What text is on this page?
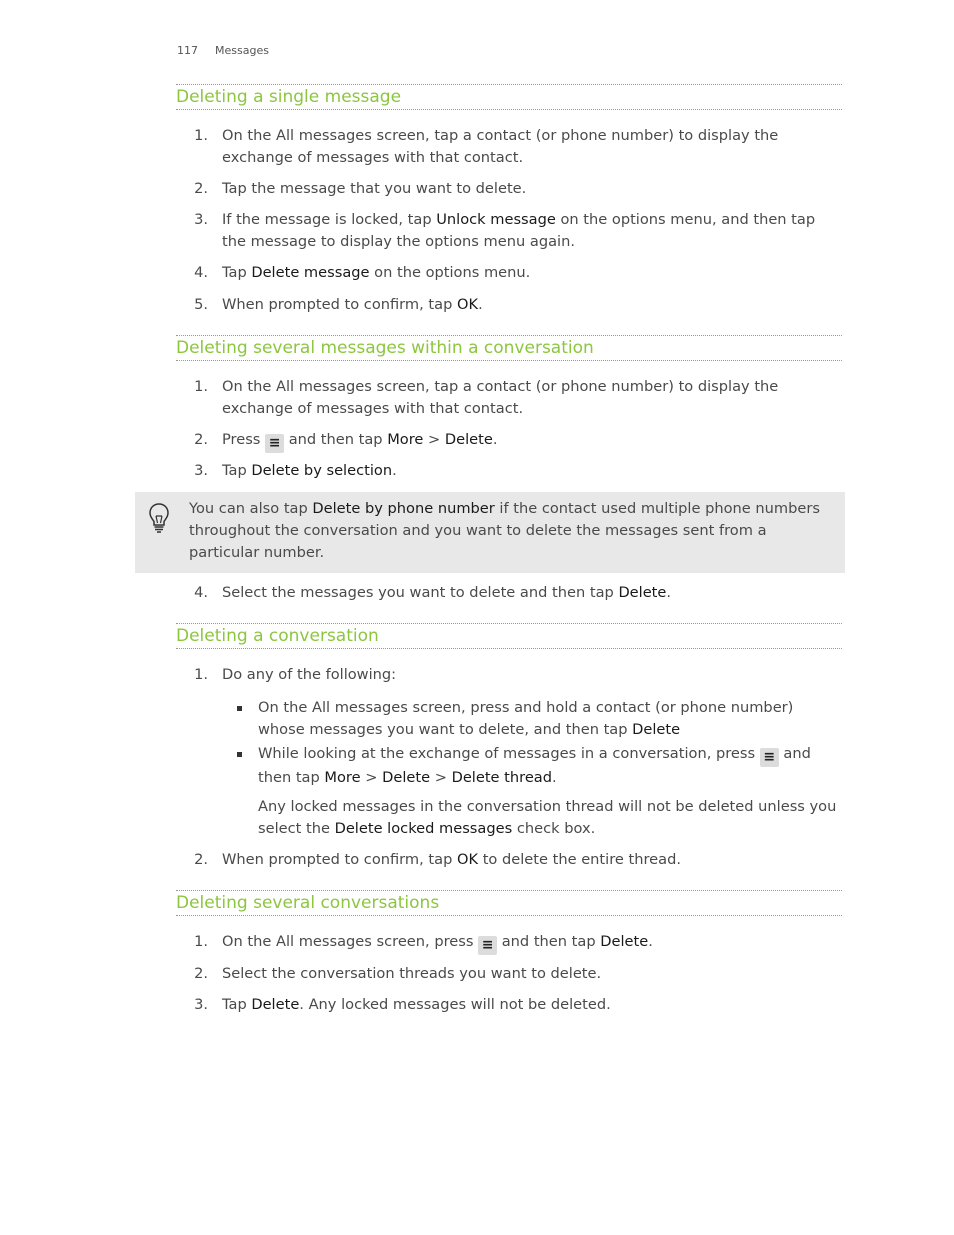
117 Messages
Deleting a single message
1. On the All messages screen, tap a contact (or phone number) to display the exchange of messages with that contact.
2. Tap the message that you want to delete.
3. If the message is locked, tap Unlock message on the options menu, and then tap the message to display the options menu again.
4. Tap Delete message on the options menu.
5. When prompted to confirm, tap OK.
Deleting several messages within a conversation
1. On the All messages screen, tap a contact (or phone number) to display the exchange of messages with that contact.
2. Press ≡ and then tap More > Delete.
3. Tap Delete by selection.
You can also tap Delete by phone number if the contact used multiple phone numbers throughout the conversation and you want to delete the messages sent from a particular number.
4. Select the messages you want to delete and then tap Delete.
Deleting a conversation
1. Do any of the following:
On the All messages screen, press and hold a contact (or phone number) whose messages you want to delete, and then tap Delete
While looking at the exchange of messages in a conversation, press ≡ and then tap More > Delete > Delete thread.
Any locked messages in the conversation thread will not be deleted unless you select the Delete locked messages check box.
2. When prompted to confirm, tap OK to delete the entire thread.
Deleting several conversations
1. On the All messages screen, press ≡ and then tap Delete.
2. Select the conversation threads you want to delete.
3. Tap Delete. Any locked messages will not be deleted.
